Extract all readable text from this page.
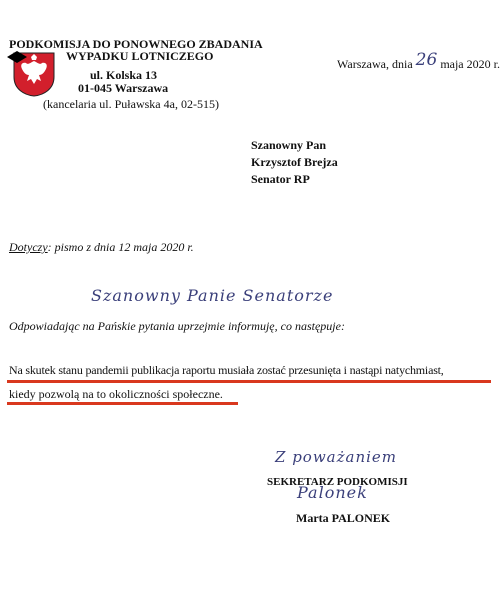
PODKOMISJA DO PONOWNEGO ZBADANIA
WYPADKU LOTNICZEGO
ul. Kolska 13
01-045 Warszawa
(kancelaria ul. Puławska 4a, 02-515)
Warszawa, dnia 26 maja 2020 r.
Szanowny Pan
Krzysztof Brejza
Senator RP
Dotyczy: pismo z dnia 12 maja 2020 r.
Szanowny Panie Senatorze
Odpowiadając na Pańskie pytania uprzejmie informuję, co następuje:
Na skutek stanu pandemii publikacja raportu musiała zostać przesunięta i nastąpi natychmiast,
kiedy pozwolą na to okoliczności społeczne.
Z poważaniem
SEKRETARZ PODKOMISJI
Palonek
Marta PALONEK
